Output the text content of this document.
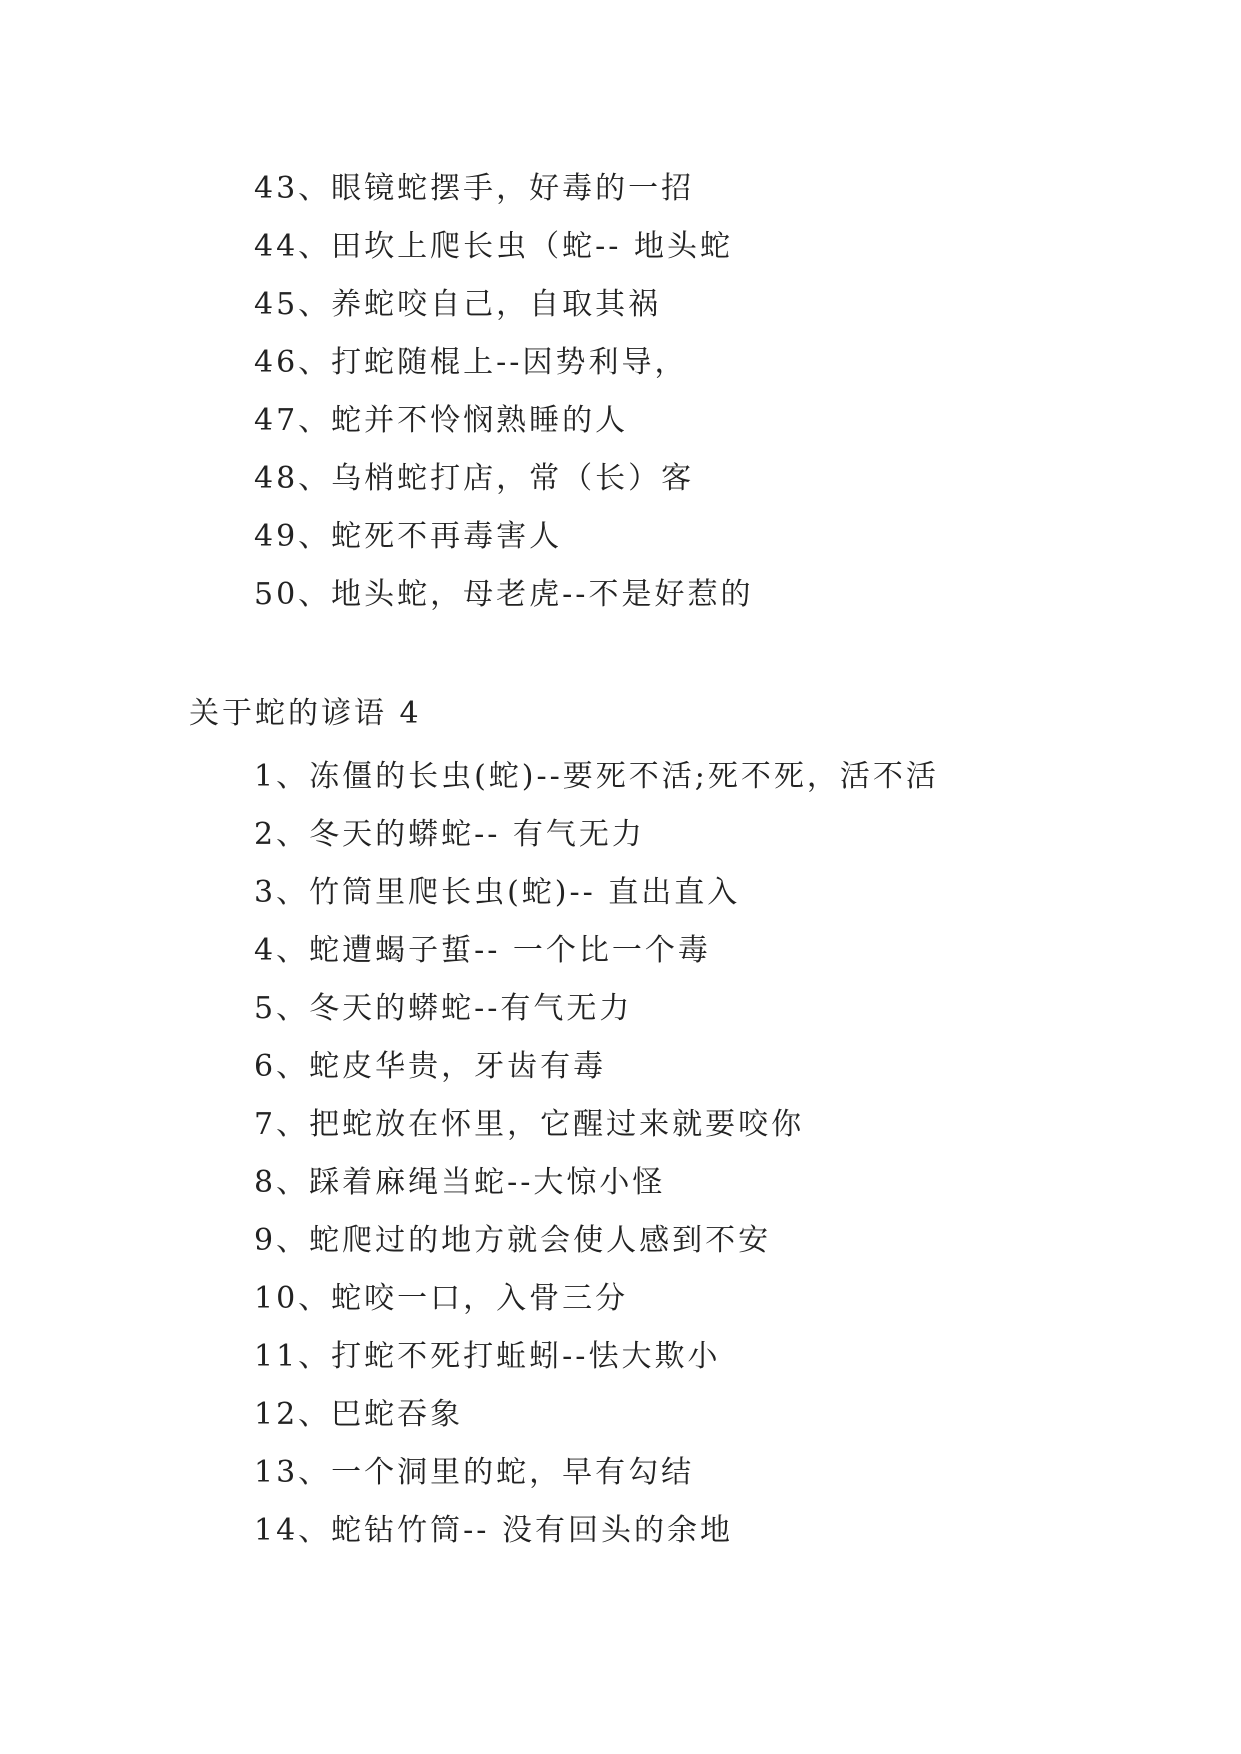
43、眼镜蛇摆手，好毒的一招
44、田坎上爬长虫（蛇-- 地头蛇
45、养蛇咬自己，自取其祸
46、打蛇随棍上--因势利导，
47、蛇并不怜悯熟睡的人
48、乌梢蛇打店，常（长）客
49、蛇死不再毒害人
50、地头蛇，母老虎--不是好惹的
关于蛇的谚语 4
1、冻僵的长虫(蛇)--要死不活;死不死，活不活
2、冬天的蟒蛇-- 有气无力
3、竹筒里爬长虫(蛇)-- 直出直入
4、蛇遭蝎子蜇-- 一个比一个毒
5、冬天的蟒蛇--有气无力
6、蛇皮华贵，牙齿有毒
7、把蛇放在怀里，它醒过来就要咬你
8、踩着麻绳当蛇--大惊小怪
9、蛇爬过的地方就会使人感到不安
10、蛇咬一口，入骨三分
11、打蛇不死打蚯蚓--怯大欺小
12、巴蛇吞象
13、一个洞里的蛇，早有勾结
14、蛇钻竹筒-- 没有回头的余地
